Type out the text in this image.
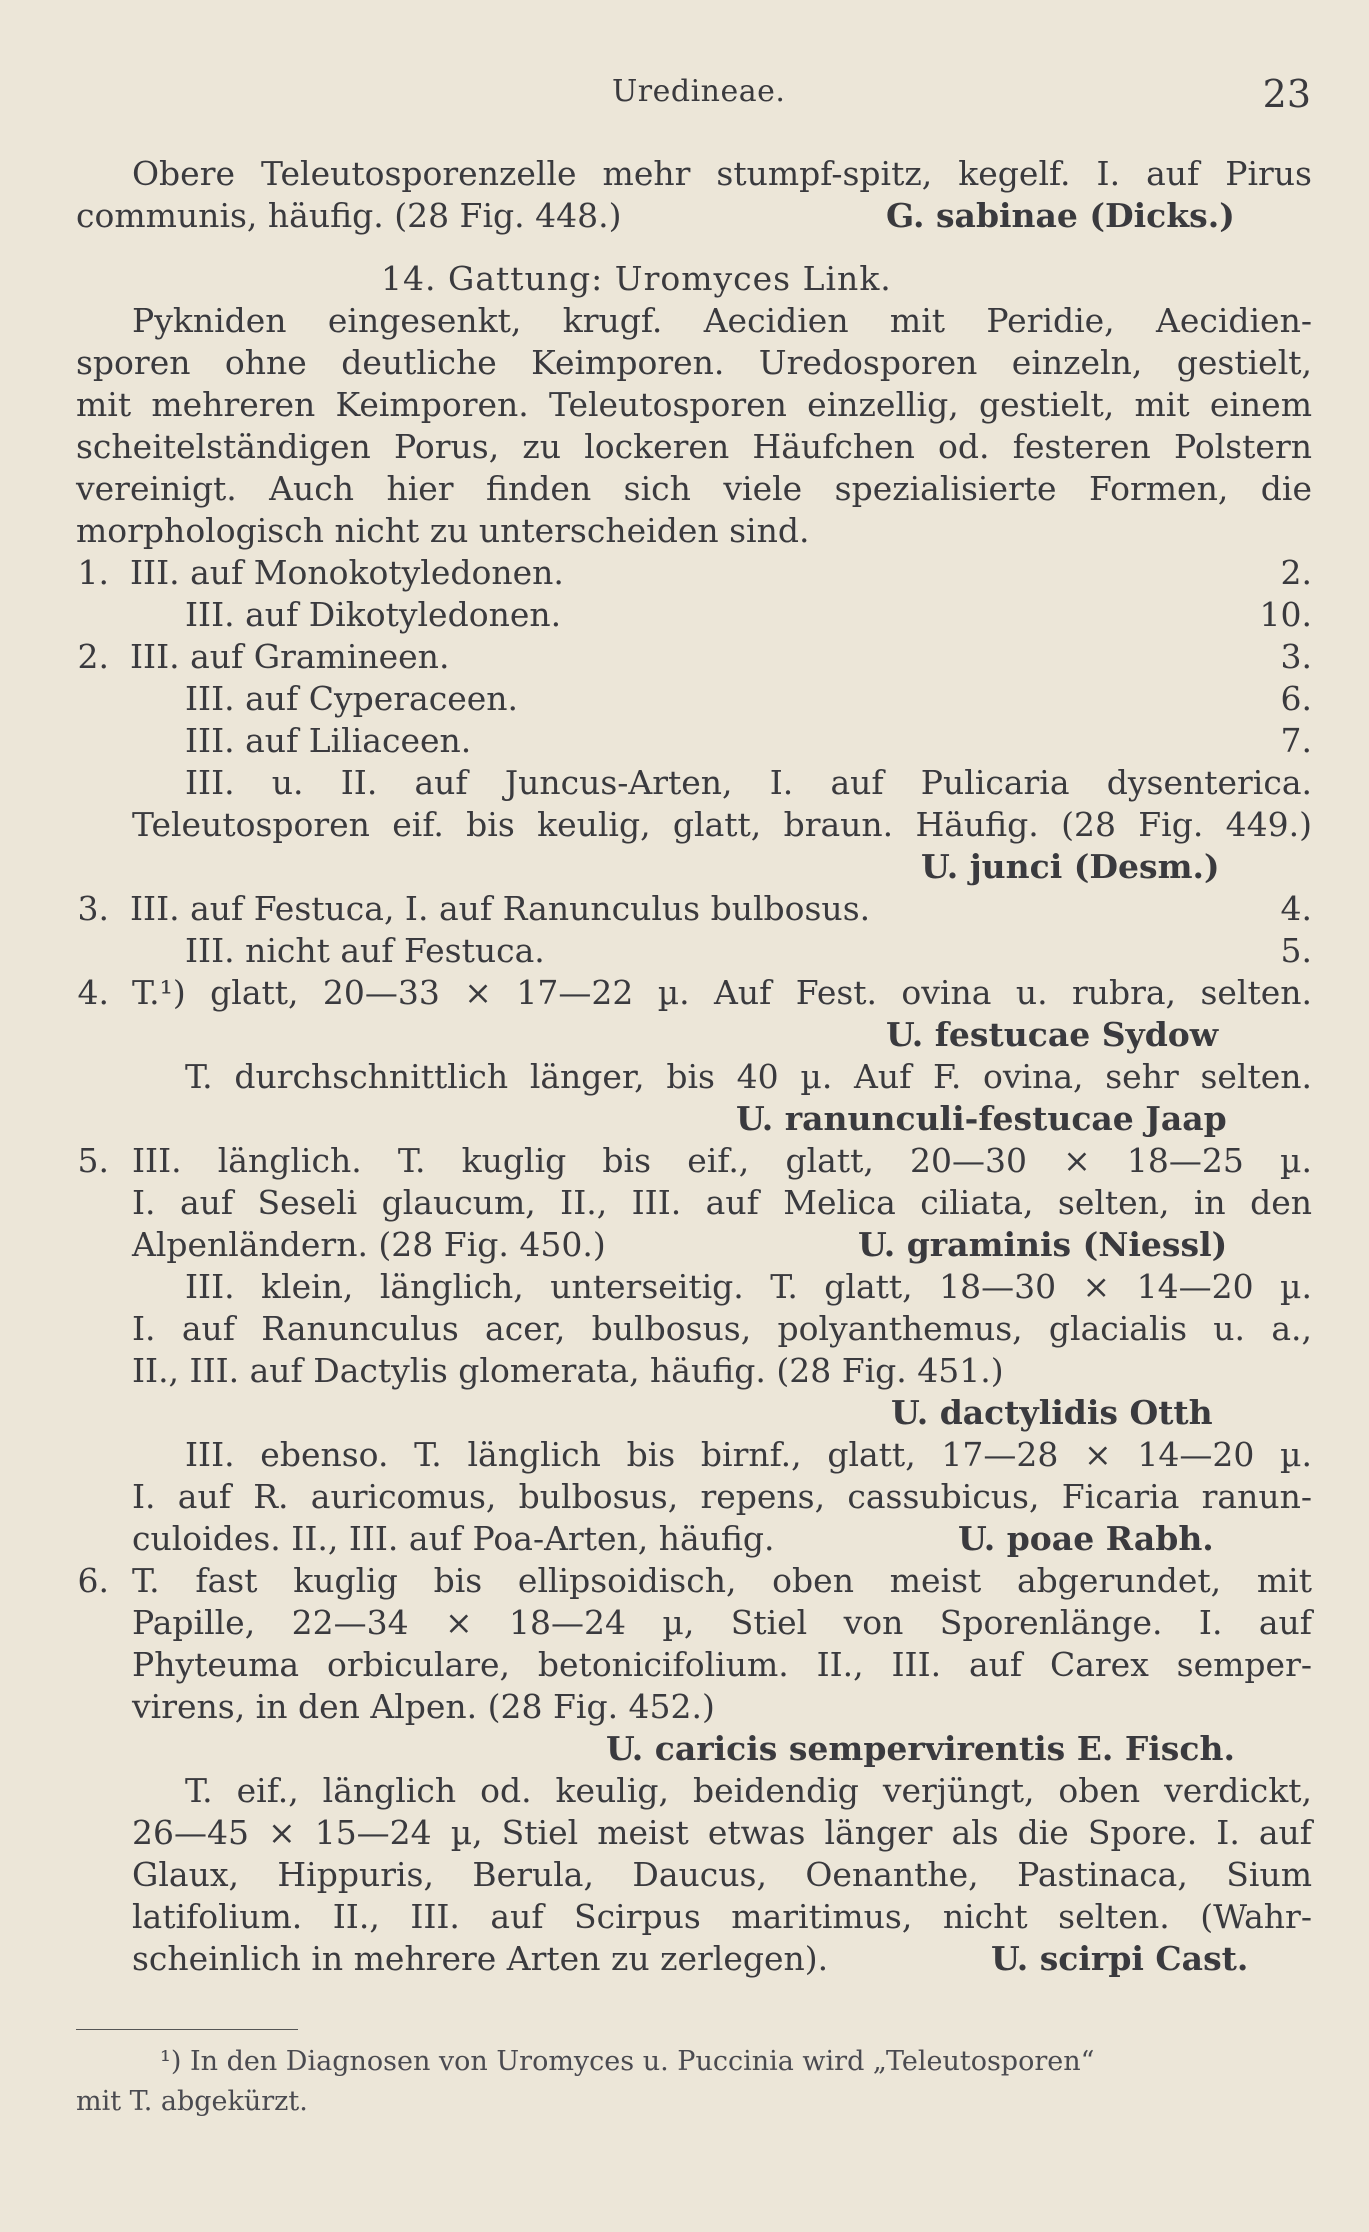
Uredineae.	23
Obere Teleutosporenzelle mehr stumpf-spitz, kegelf. I. auf Pirus
communis, häufig. (28 Fig. 448.)	G. sabinae (Dicks.)
14. Gattung: Uromyces Link.
Pykniden eingesenkt, krugf. Aecidien mit Peridie, Aecidien-
sporen ohne deutliche Keimporen. Uredosporen einzeln, gestielt,
mit mehreren Keimporen. Teleutosporen einzellig, gestielt, mit einem
scheitelständigen Porus, zu lockeren Häufchen od. festeren Polstern
vereinigt. Auch hier finden sich viele spezialisierte Formen, die
morphologisch nicht zu unterscheiden sind.
1. III. auf Monokotyledonen.	2.
III. auf Dikotyledonen.	10.
2. III. auf Gramineen.	3.
III. auf Cyperaceen.	6.
III. auf Liliaceen.	7.
III. u. II. auf Juncus-Arten, I. auf Pulicaria dysenterica.
Teleutosporen eif. bis keulig, glatt, braun. Häufig. (28 Fig. 449.)
U. junci (Desm.)
3. III. auf Festuca, I. auf Ranunculus bulbosus.	4.
III. nicht auf Festuca.	5.
4. T.¹) glatt, 20—33 × 17—22 µ. Auf Fest. ovina u. rubra, selten.
U. festucae Sydow
T. durchschnittlich länger, bis 40 µ. Auf F. ovina, sehr selten.
U. ranunculi-festucae Jaap
5. III. länglich. T. kuglig bis eif., glatt, 20—30 × 18—25 µ.
I. auf Seseli glaucum, II., III. auf Melica ciliata, selten, in den
Alpenländern. (28 Fig. 450.)	U. graminis (Niessl)
III. klein, länglich, unterseitig. T. glatt, 18—30 × 14—20 µ.
I. auf Ranunculus acer, bulbosus, polyanthemus, glacialis u. a.,
II., III. auf Dactylis glomerata, häufig. (28 Fig. 451.)
U. dactylidis Otth
III. ebenso. T. länglich bis birnf., glatt, 17—28 × 14—20 µ.
I. auf R. auricomus, bulbosus, repens, cassubicus, Ficaria ranun-
culoides. II., III. auf Poa-Arten, häufig.	U. poae Rabh.
6. T. fast kuglig bis ellipsoidisch, oben meist abgerundet, mit
Papille, 22—34 × 18—24 µ, Stiel von Sporenlänge. I. auf
Phyteuma orbiculare, betonicifolium. II., III. auf Carex semper-
virens, in den Alpen. (28 Fig. 452.)
U. caricis sempervirentis E. Fisch.
T. eif., länglich od. keulig, beidendig verjüngt, oben verdickt,
26—45 × 15—24 µ, Stiel meist etwas länger als die Spore. I. auf
Glaux, Hippuris, Berula, Daucus, Oenanthe, Pastinaca, Sium
latifolium. II., III. auf Scirpus maritimus, nicht selten. (Wahr-
scheinlich in mehrere Arten zu zerlegen).	U. scirpi Cast.
¹) In den Diagnosen von Uromyces u. Puccinia wird „Teleutosporen“
mit T. abgekürzt.
